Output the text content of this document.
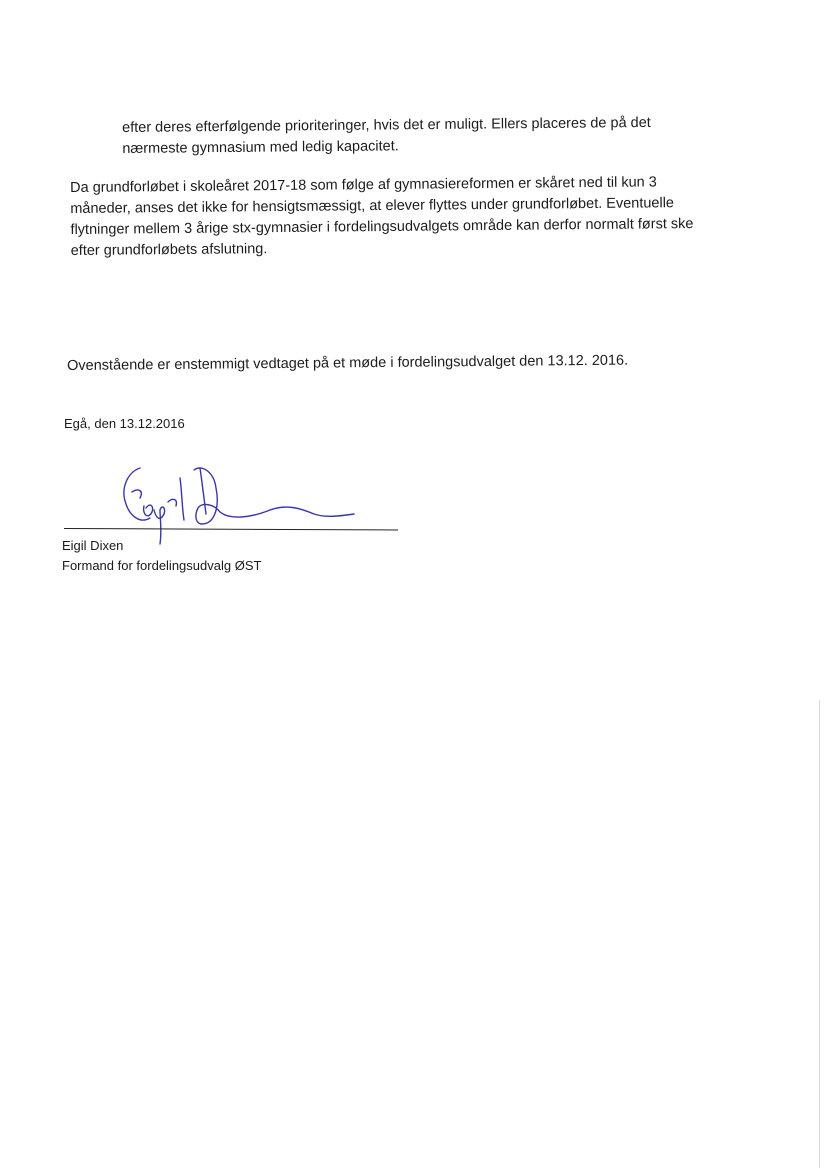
efter deres efterfølgende prioriteringer, hvis det er muligt. Ellers placeres de på det
nærmeste gymnasium med ledig kapacitet.
Da grundforløbet i skoleåret 2017-18 som følge af gymnasiereformen er skåret ned til kun 3
måneder, anses det ikke for hensigtsmæssigt, at elever flyttes under grundforløbet. Eventuelle
flytninger mellem 3 årige stx-gymnasier i fordelingsudvalgets område kan derfor normalt først ske
efter grundforløbets afslutning.
Ovenstående er enstemmigt vedtaget på et møde i fordelingsudvalget den 13.12. 2016.
Egå, den 13.12.2016
Eigil Dixen
Formand for fordelingsudvalg ØST
